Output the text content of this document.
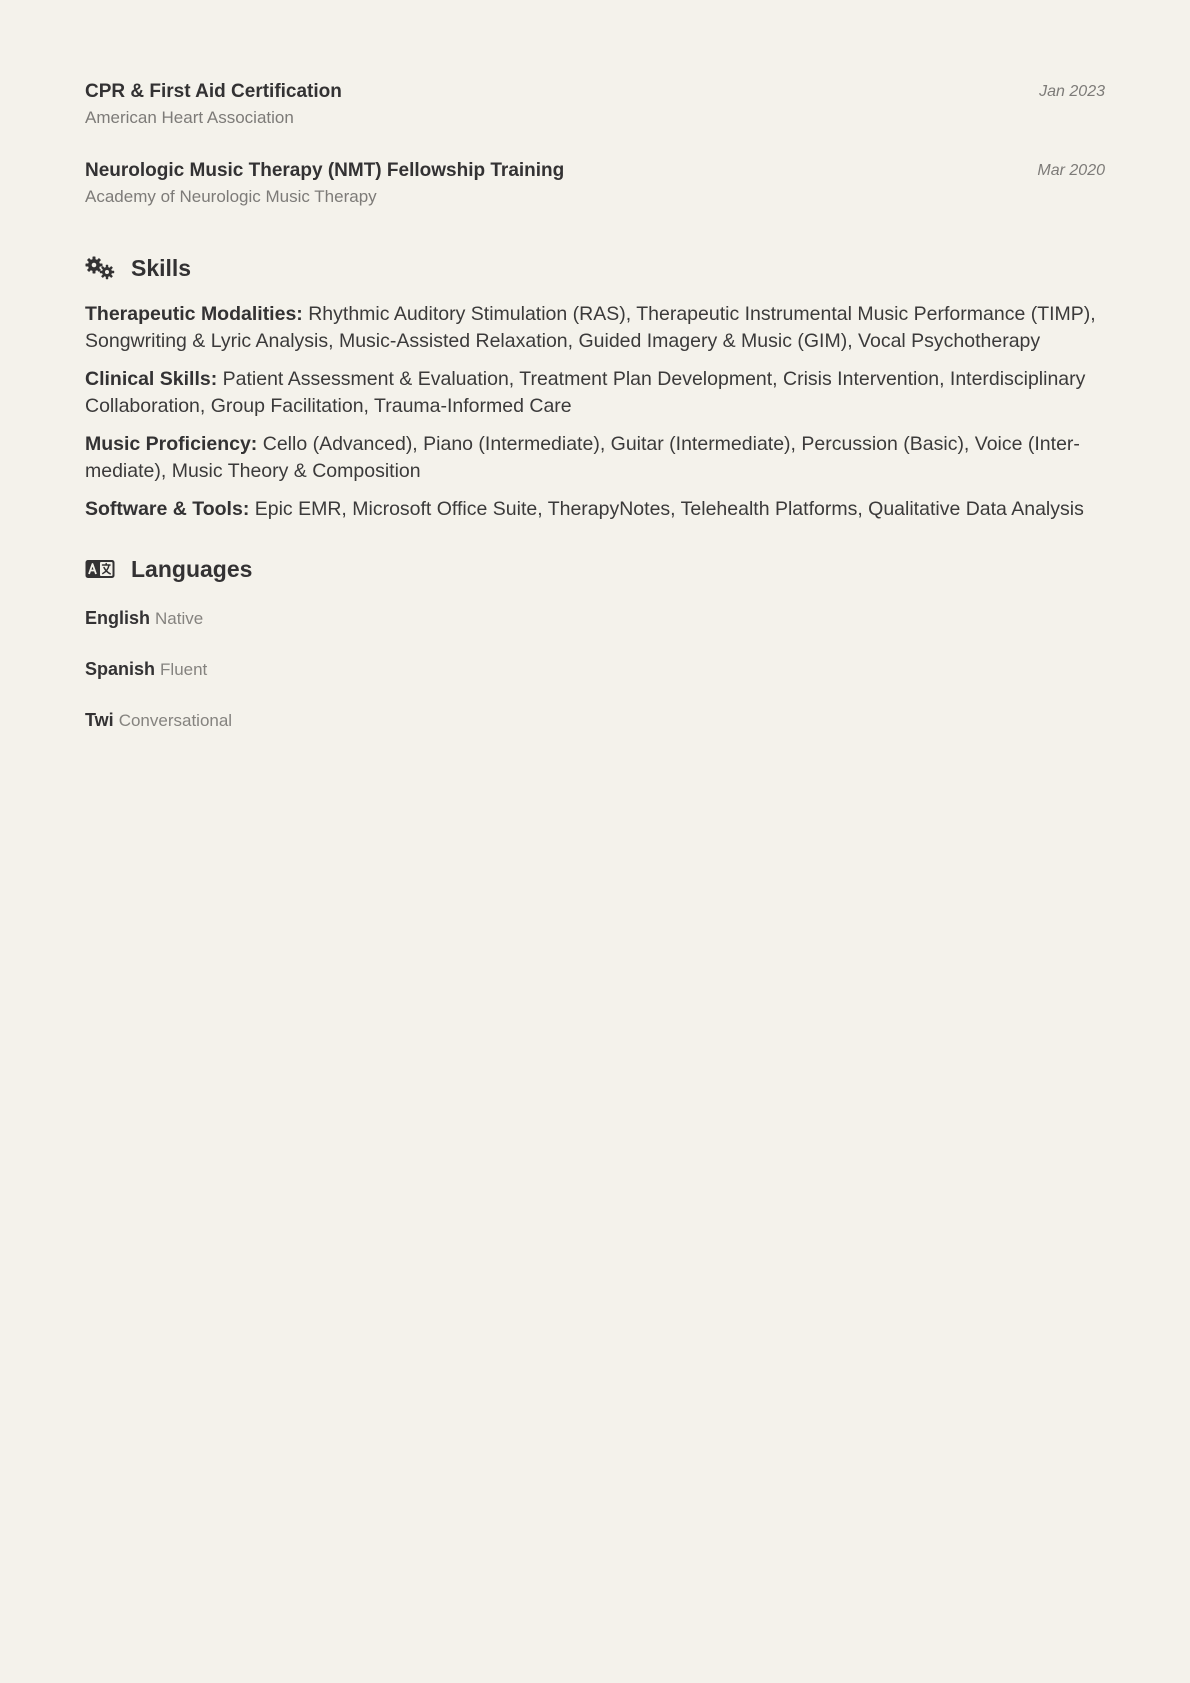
CPR & First Aid Certification
American Heart Association
Jan 2023
Neurologic Music Therapy (NMT) Fellowship Training
Academy of Neurologic Music Therapy
Mar 2020
Skills
Therapeutic Modalities: Rhythmic Auditory Stimulation (RAS), Therapeutic Instrumental Music Performance (TIMP), Songwriting & Lyric Analysis, Music-Assisted Relaxation, Guided Imagery & Music (GIM), Vocal Psychotherapy
Clinical Skills: Patient Assessment & Evaluation, Treatment Plan Development, Crisis Intervention, Interdisciplinary Collaboration, Group Facilitation, Trauma-Informed Care
Music Proficiency: Cello (Advanced), Piano (Intermediate), Guitar (Intermediate), Percussion (Basic), Voice (Intermediate), Music Theory & Composition
Software & Tools: Epic EMR, Microsoft Office Suite, TherapyNotes, Telehealth Platforms, Qualitative Data Analysis
Languages
English Native
Spanish Fluent
Twi Conversational
